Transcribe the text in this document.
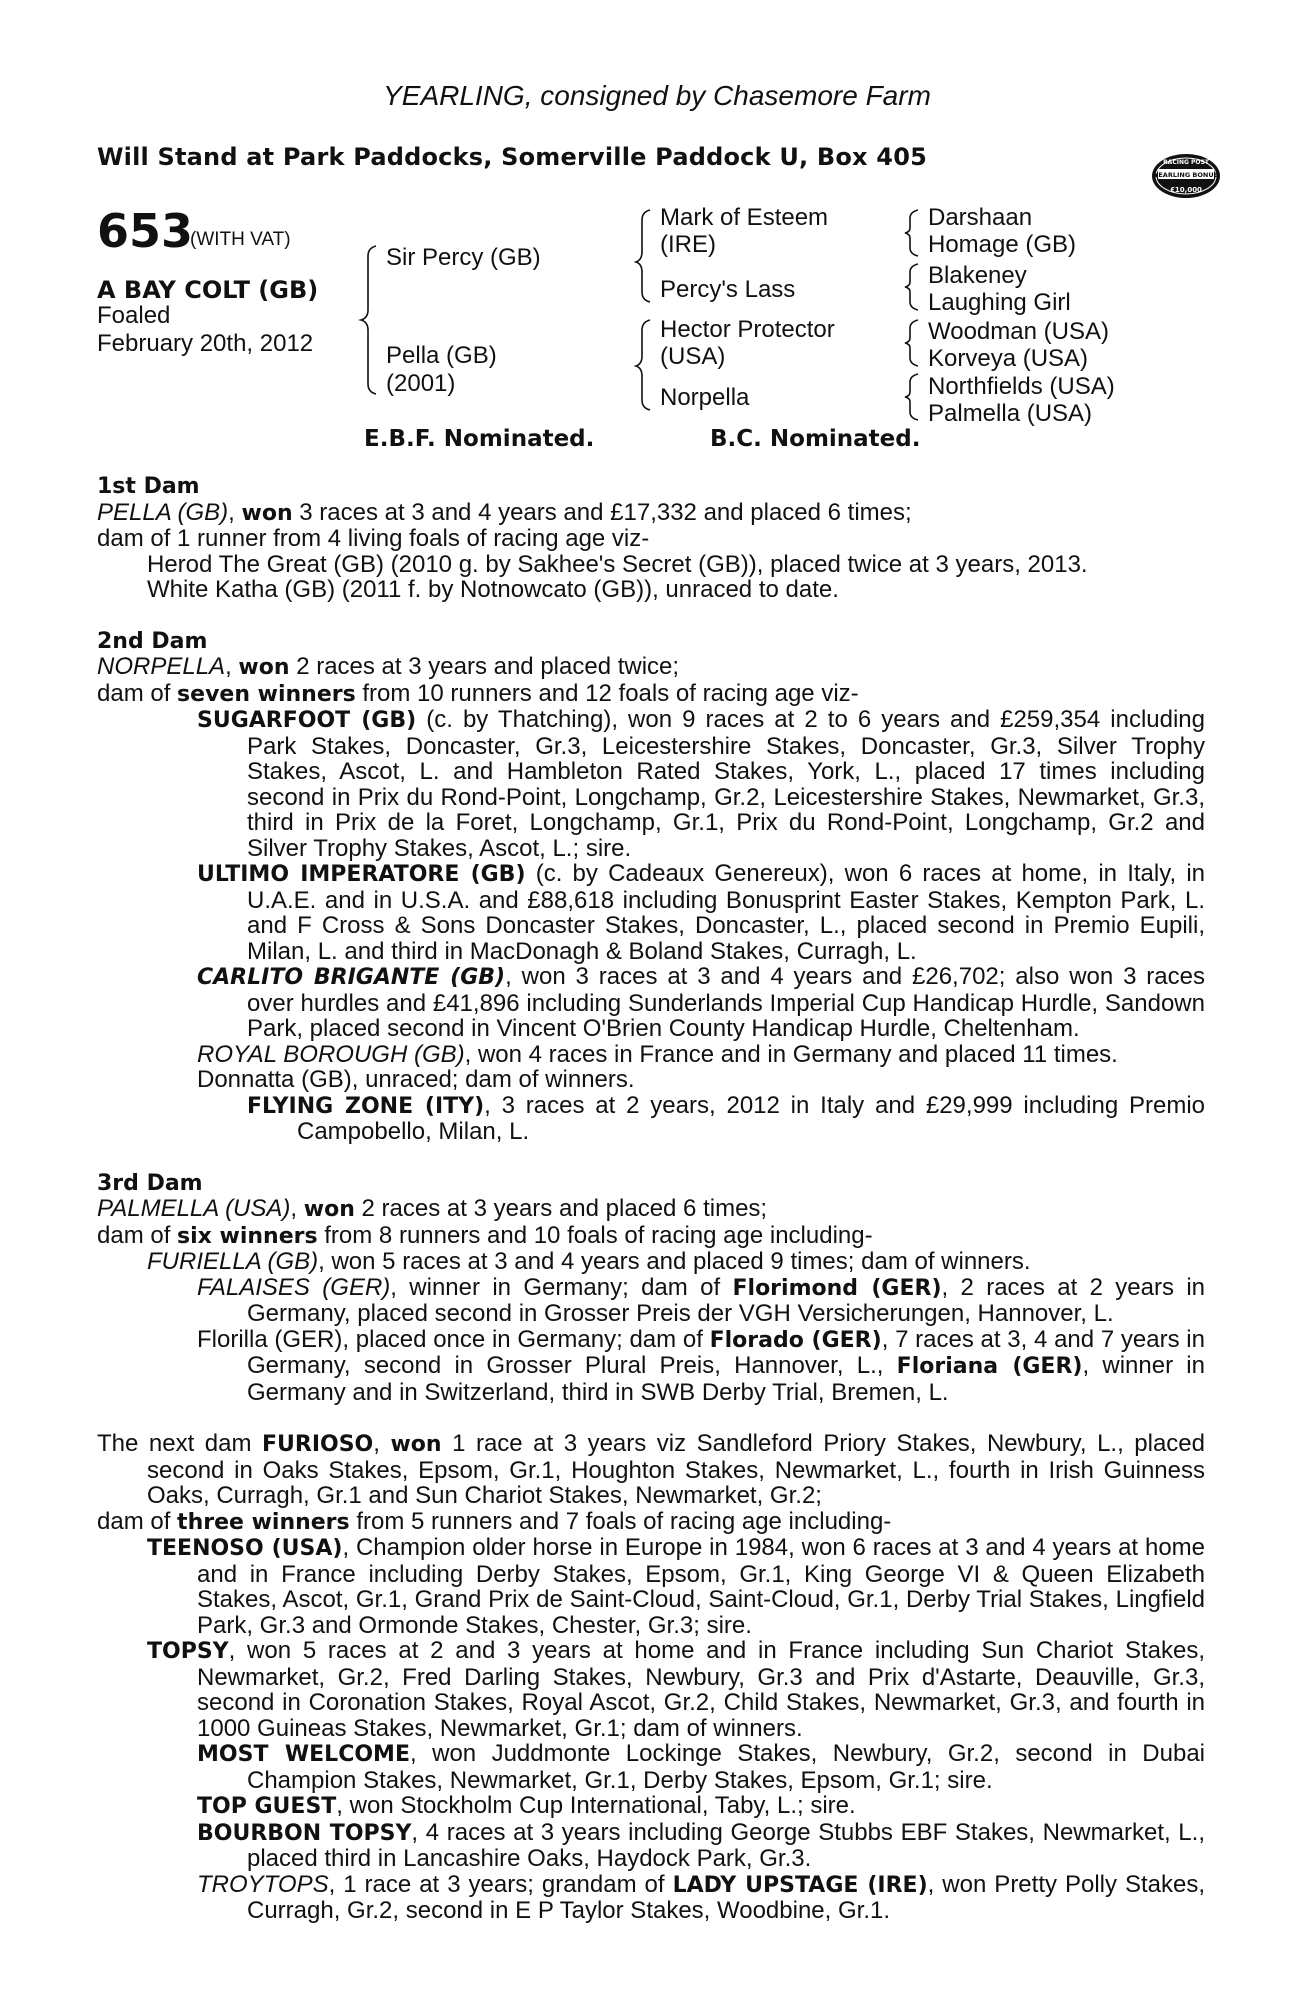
YEARLING, consigned by Chasemore Farm
Will Stand at Park Paddocks, Somerville Paddock U, Box 405	RACING POST
YEARLING BONUS
£10,000
653
(WITH VAT)
A BAY COLT (GB)
Foaled
February 20th, 2012
Sir Percy (GB)
Pella (GB)
(2001)
Mark of Esteem
(IRE)
Percy's Lass
Hector Protector
(USA)
Norpella
Darshaan
Homage (GB)
Blakeney
Laughing Girl
Woodman (USA)
Korveya (USA)
Northfields (USA)
Palmella (USA)
E.B.F. Nominated.	B.C. Nominated.

1st Dam

PELLA (GB), won 3 races at 3 and 4 years and £17,332 and placed 6 times;

dam of 1 runner from 4 living foals of racing age viz-

Herod The Great (GB) (2010 g. by Sakhee's Secret (GB)), placed twice at 3 years, 2013.

White Katha (GB) (2011 f. by Notnowcato (GB)), unraced to date.

2nd Dam

NORPELLA, won 2 races at 3 years and placed twice;

dam of seven winners from 10 runners and 12 foals of racing age viz-

SUGARFOOT (GB) (c. by Thatching), won 9 races at 2 to 6 years and £259,354 including Park Stakes, Doncaster, Gr.3, Leicestershire Stakes, Doncaster, Gr.3, Silver Trophy Stakes, Ascot, L. and Hambleton Rated Stakes, York, L., placed 17 times including second in Prix du Rond-Point, Longchamp, Gr.2, Leicestershire Stakes, Newmarket, Gr.3, third in Prix de la Foret, Longchamp, Gr.1, Prix du Rond-Point, Longchamp, Gr.2 and Silver Trophy Stakes, Ascot, L.; sire.

ULTIMO IMPERATORE (GB) (c. by Cadeaux Genereux), won 6 races at home, in Italy, in U.A.E. and in U.S.A. and £88,618 including Bonusprint Easter Stakes, Kempton Park, L. and F Cross & Sons Doncaster Stakes, Doncaster, L., placed second in Premio Eupili, Milan, L. and third in MacDonagh & Boland Stakes, Curragh, L.

CARLITO BRIGANTE (GB), won 3 races at 3 and 4 years and £26,702; also won 3 races over hurdles and £41,896 including Sunderlands Imperial Cup Handicap Hurdle, Sandown Park, placed second in Vincent O'Brien County Handicap Hurdle, Cheltenham.

ROYAL BOROUGH (GB), won 4 races in France and in Germany and placed 11 times.

Donnatta (GB), unraced; dam of winners.

FLYING ZONE (ITY), 3 races at 2 years, 2012 in Italy and £29,999 including Premio Campobello, Milan, L.

3rd Dam

PALMELLA (USA), won 2 races at 3 years and placed 6 times;

dam of six winners from 8 runners and 10 foals of racing age including-

FURIELLA (GB), won 5 races at 3 and 4 years and placed 9 times; dam of winners.

FALAISES (GER), winner in Germany; dam of Florimond (GER), 2 races at 2 years in Germany, placed second in Grosser Preis der VGH Versicherungen, Hannover, L.

Florilla (GER), placed once in Germany; dam of Florado (GER), 7 races at 3, 4 and 7 years in Germany, second in Grosser Plural Preis, Hannover, L., Floriana (GER), winner in Germany and in Switzerland, third in SWB Derby Trial, Bremen, L.

The next dam FURIOSO, won 1 race at 3 years viz Sandleford Priory Stakes, Newbury, L., placed second in Oaks Stakes, Epsom, Gr.1, Houghton Stakes, Newmarket, L., fourth in Irish Guinness Oaks, Curragh, Gr.1 and Sun Chariot Stakes, Newmarket, Gr.2;

dam of three winners from 5 runners and 7 foals of racing age including-

TEENOSO (USA), Champion older horse in Europe in 1984, won 6 races at 3 and 4 years at home and in France including Derby Stakes, Epsom, Gr.1, King George VI & Queen Elizabeth Stakes, Ascot, Gr.1, Grand Prix de Saint-Cloud, Saint-Cloud, Gr.1, Derby Trial Stakes, Lingfield Park, Gr.3 and Ormonde Stakes, Chester, Gr.3; sire.

TOPSY, won 5 races at 2 and 3 years at home and in France including Sun Chariot Stakes, Newmarket, Gr.2, Fred Darling Stakes, Newbury, Gr.3 and Prix d'Astarte, Deauville, Gr.3, second in Coronation Stakes, Royal Ascot, Gr.2, Child Stakes, Newmarket, Gr.3, and fourth in 1000 Guineas Stakes, Newmarket, Gr.1; dam of winners.

MOST WELCOME, won Juddmonte Lockinge Stakes, Newbury, Gr.2, second in Dubai Champion Stakes, Newmarket, Gr.1, Derby Stakes, Epsom, Gr.1; sire.

TOP GUEST, won Stockholm Cup International, Taby, L.; sire.

BOURBON TOPSY, 4 races at 3 years including George Stubbs EBF Stakes, Newmarket, L., placed third in Lancashire Oaks, Haydock Park, Gr.3.

TROYTOPS, 1 race at 3 years; grandam of LADY UPSTAGE (IRE), won Pretty Polly Stakes, Curragh, Gr.2, second in E P Taylor Stakes, Woodbine, Gr.1.
